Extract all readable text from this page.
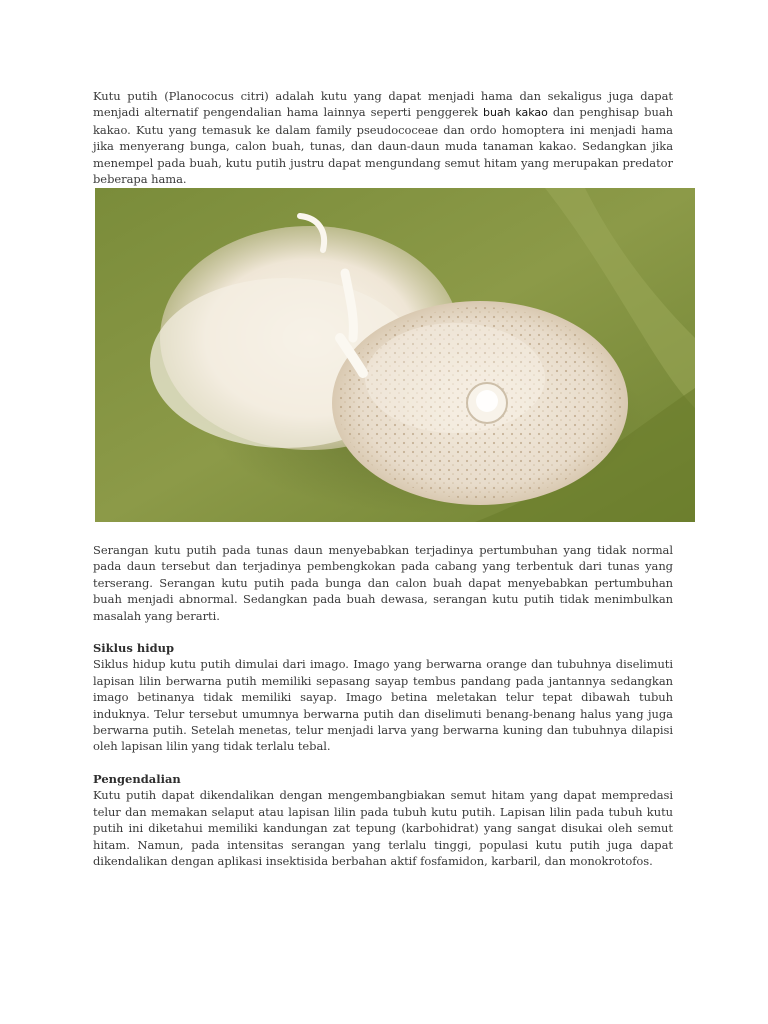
Kutu putih (Planococus citri) adalah kutu yang dapat menjadi hama dan sekaligus juga dapat menjadi alternatif pengendalian hama lainnya seperti penggerek buah kakao dan penghisap buah kakao. Kutu yang temasuk ke dalam family pseudococeae dan ordo homoptera ini menjadi hama jika menyerang bunga, calon buah, tunas, dan daun-daun muda tanaman kakao. Sedangkan jika menempel pada buah, kutu putih justru dapat mengundang semut hitam yang merupakan predator beberapa hama.

Serangan kutu putih pada tunas daun menyebabkan terjadinya pertumbuhan yang tidak normal pada daun tersebut dan terjadinya pembengkokan pada cabang yang terbentuk dari tunas yang terserang. Serangan kutu putih pada bunga dan calon buah dapat menyebabkan pertumbuhan buah menjadi abnormal. Sedangkan pada buah dewasa, serangan kutu putih tidak menimbulkan masalah yang berarti.

Siklus hidup

Siklus hidup kutu putih dimulai dari imago. Imago yang berwarna orange dan tubuhnya diselimuti lapisan lilin berwarna putih memiliki sepasang sayap tembus pandang pada jantannya sedangkan imago betinanya tidak memiliki sayap. Imago betina meletakan telur tepat dibawah tubuh induknya. Telur tersebut umumnya berwarna putih dan diselimuti benang-benang halus yang juga berwarna putih. Setelah menetas, telur menjadi larva yang berwarna kuning dan tubuhnya dilapisi oleh lapisan lilin yang tidak terlalu tebal.

Pengendalian

Kutu putih dapat dikendalikan dengan mengembangbiakan semut hitam yang dapat mempredasi telur dan memakan selaput atau lapisan lilin pada tubuh kutu putih. Lapisan lilin pada tubuh kutu putih ini diketahui memiliki kandungan zat tepung (karbohidrat) yang sangat disukai oleh semut hitam. Namun, pada intensitas serangan yang terlalu tinggi, populasi kutu putih juga dapat dikendalikan dengan aplikasi insektisida berbahan aktif fosfamidon, karbaril, dan monokrotofos.
